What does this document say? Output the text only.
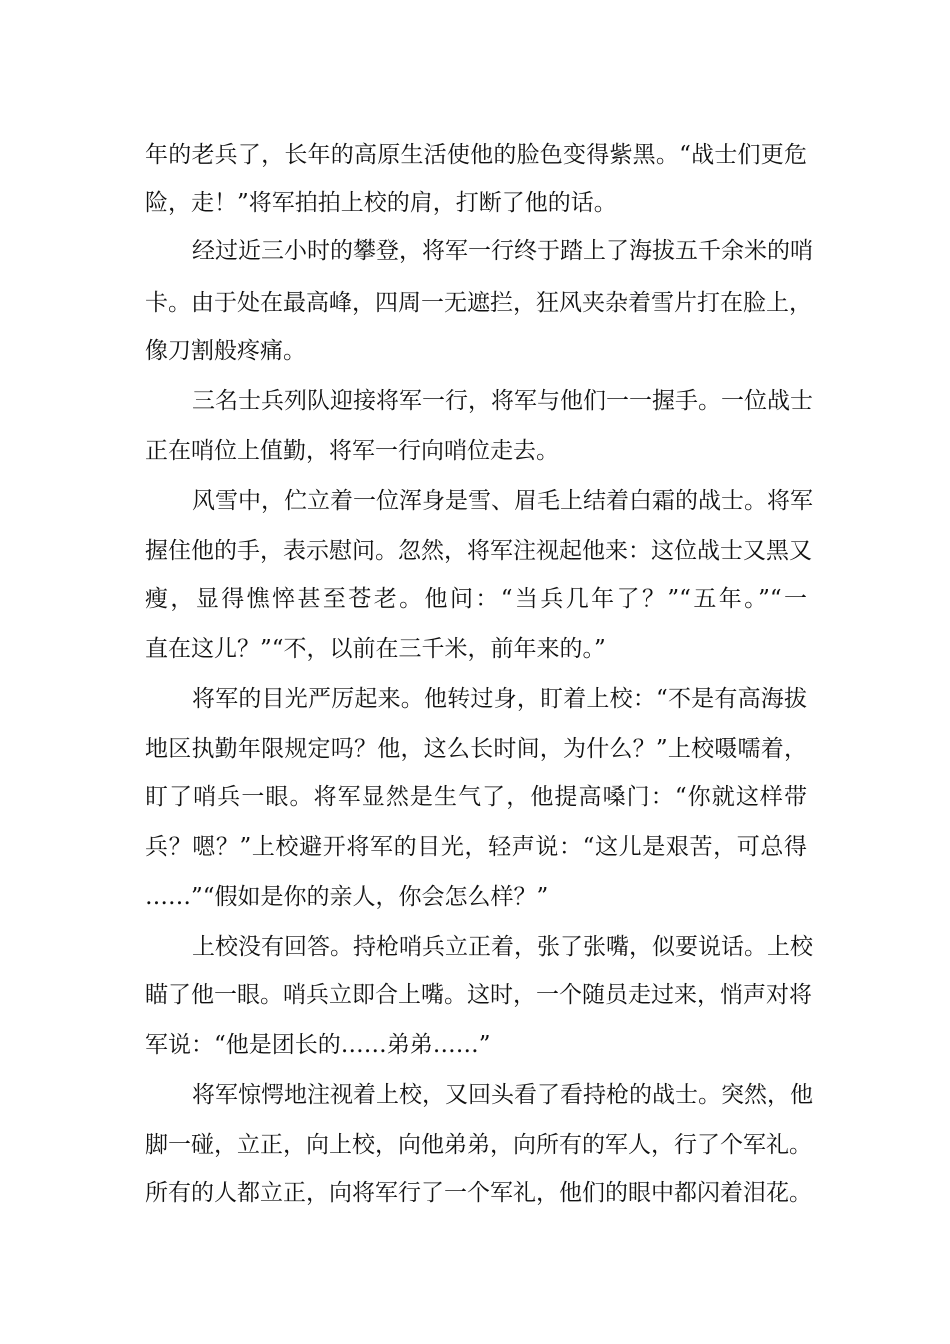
年的老兵了，长年的高原生活使他的脸色变得紫黑。“战士们更危
险，走！”将军拍拍上校的肩，打断了他的话。
经过近三小时的攀登，将军一行终于踏上了海拔五千余米的哨
卡。由于处在最高峰，四周一无遮拦，狂风夹杂着雪片打在脸上，
像刀割般疼痛。
三名士兵列队迎接将军一行，将军与他们一一握手。一位战士
正在哨位上值勤，将军一行向哨位走去。
风雪中，伫立着一位浑身是雪、眉毛上结着白霜的战士。将军
握住他的手，表示慰问。忽然，将军注视起他来：这位战士又黑又
瘦，显得憔悴甚至苍老。他问：“当兵几年了？”“五年。”“一
直在这儿？”“不，以前在三千米，前年来的。”
将军的目光严厉起来。他转过身，盯着上校：“不是有高海拔
地区执勤年限规定吗？他，这么长时间，为什么？”上校嗫嚅着，
盯了哨兵一眼。将军显然是生气了，他提高嗓门：“你就这样带
兵？嗯？”上校避开将军的目光，轻声说：“这儿是艰苦，可总得
……”“假如是你的亲人，你会怎么样？”
上校没有回答。持枪哨兵立正着，张了张嘴，似要说话。上校
瞄了他一眼。哨兵立即合上嘴。这时，一个随员走过来，悄声对将
军说：“他是团长的……弟弟……”
将军惊愕地注视着上校，又回头看了看持枪的战士。突然，他
脚一碰，立正，向上校，向他弟弟，向所有的军人，行了个军礼。
所有的人都立正，向将军行了一个军礼，他们的眼中都闪着泪花。
